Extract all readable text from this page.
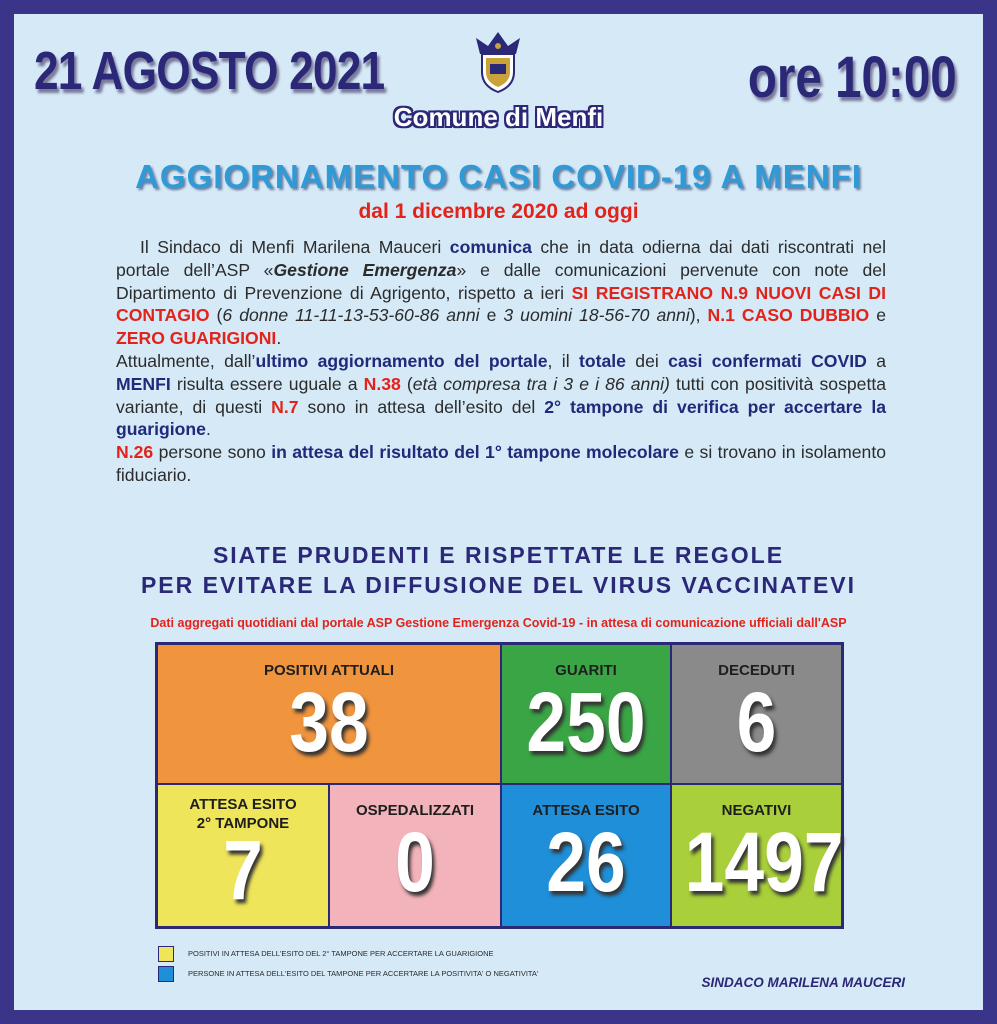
21 AGOSTO 2021	ore 10:00
Comune di Menfi
AGGIORNAMENTO CASI COVID-19 A MENFI
dal 1 dicembre 2020 ad oggi
Il Sindaco di Menfi Marilena Mauceri comunica che in data odierna dai dati riscontrati nel portale dell’ASP «Gestione Emergenza» e dalle comunicazioni pervenute con note del Dipartimento di Prevenzione di Agrigento, rispetto a ieri SI REGISTRANO N.9 NUOVI CASI DI CONTAGIO (6 donne 11-11-13-53-60-86 anni e 3 uomini 18-56-70 anni), N.1 CASO DUBBIO e ZERO GUARIGIONI.
Attualmente, dall’ultimo aggiornamento del portale, il totale dei casi confermati COVID a MENFI risulta essere uguale a N.38 (età compresa tra i 3 e i 86 anni) tutti con positività sospetta variante, di questi N.7 sono in attesa dell’esito del 2° tampone di verifica per accertare la guarigione.
N.26 persone sono in attesa del risultato del 1° tampone molecolare e si trovano in isolamento fiduciario.
SIATE PRUDENTI E RISPETTATE LE REGOLE
PER EVITARE LA DIFFUSIONE DEL VIRUS VACCINATEVI
Dati aggregati quotidiani dal portale ASP Gestione Emergenza Covid-19 - in attesa di comunicazione ufficiali dall'ASP
POSITIVI ATTUALI
38
GUARITI
250
DECEDUTI
6
ATTESA ESITO
2° TAMPONE
7
OSPEDALIZZATI
0
ATTESA ESITO
26
NEGATIVI
1497
POSITIVI IN ATTESA DELL'ESITO DEL 2° TAMPONE PER ACCERTARE LA GUARIGIONE
PERSONE IN ATTESA DELL'ESITO DEL TAMPONE PER ACCERTARE LA POSITIVITA' O NEGATIVITA'
SINDACO MARILENA MAUCERI
